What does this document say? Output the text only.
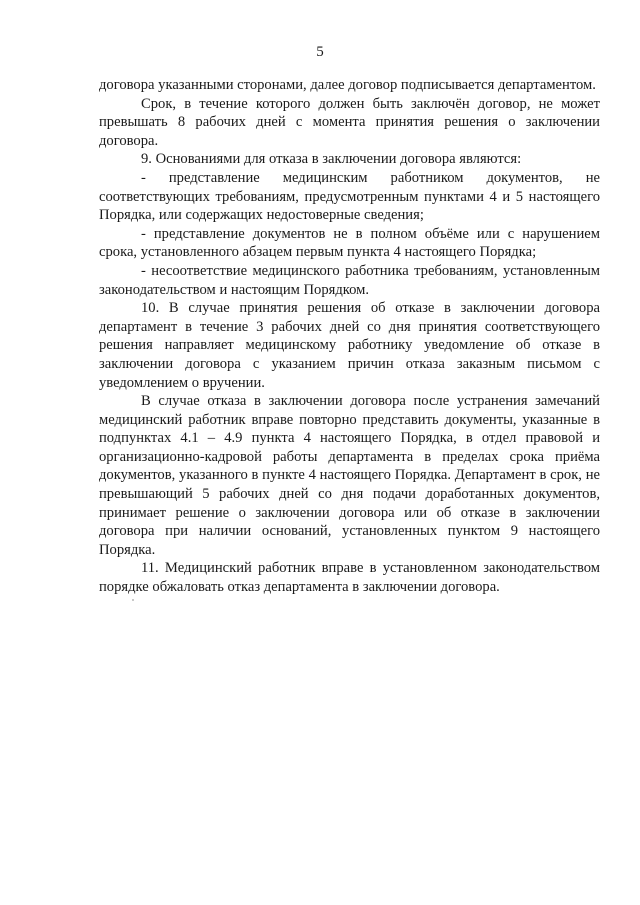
5

договора указанными сторонами, далее договор подписывается департаментом.

Срок, в течение которого должен быть заключён договор, не может превышать 8 рабочих дней с момента принятия решения о заключении договора.

9. Основаниями для отказа в заключении договора являются:

- представление медицинским работником документов, не соответствующих требованиям, предусмотренным пунктами 4 и 5 настоящего Порядка, или содержащих недостоверные сведения;

- представление документов не в полном объёме или с нарушением срока, установленного абзацем первым пункта 4 настоящего Порядка;

- несоответствие медицинского работника требованиям, установленным законодательством и настоящим Порядком.

10. В случае принятия решения об отказе в заключении договора департамент в течение 3 рабочих дней со дня принятия соответствующего решения направляет медицинскому работнику уведомление об отказе в заключении договора с указанием причин отказа заказным письмом с уведомлением о вручении.

В случае отказа в заключении договора после устранения замечаний медицинский работник вправе повторно представить документы, указанные в подпунктах 4.1 – 4.9 пункта 4 настоящего Порядка, в отдел правовой и организационно-кадровой работы департамента в пределах срока приёма документов, указанного в пункте 4 настоящего Порядка. Департамент в срок, не превышающий 5 рабочих дней со дня подачи доработанных документов, принимает решение о заключении договора или об отказе в заключении договора при наличии оснований, установленных пунктом 9 настоящего Порядка.

11. Медицинский работник вправе в установленном законодательством порядке обжаловать отказ департамента в заключении договора.
